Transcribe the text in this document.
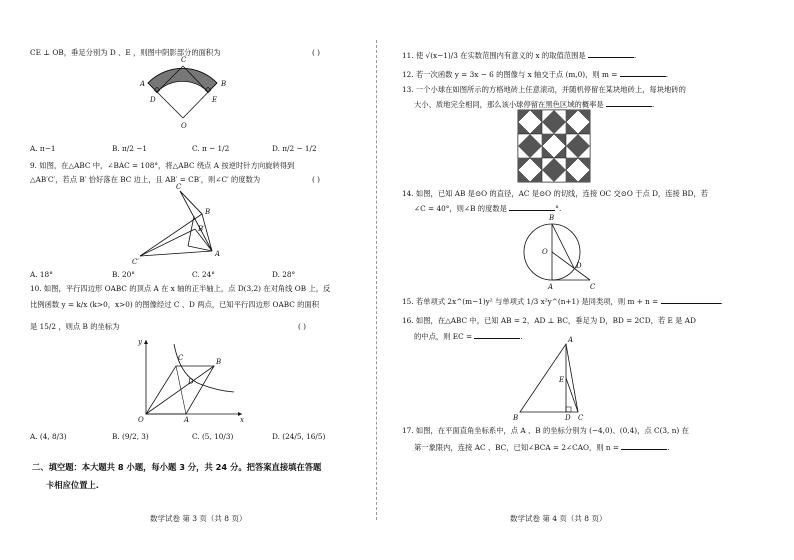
CE ⊥ OB，垂足分别为 D 、E ，则图中阴影部分的面积为	( )
C
A	B
D	E
O
A. π−1	B. π/2 −1	C. π − 1/2	D. π/2 − 1/2
9. 如图，在△ABC 中，∠BAC = 108°，将△ABC 绕点 A 按逆时针方向旋转得到
△AB′C′，若点 B′ 恰好落在 BC 边上，且 AB′ = CB′，则∠C′ 的度数为	( )
C
B
B′
A
C′
A. 18°	B. 20°	C. 24°	D. 28°
10. 如图，平行四边形 OABC 的顶点 A 在 x 轴的正半轴上，点 D(3,2) 在对角线 OB 上，反
比例函数 y = k/x (k>0，x>0) 的图像经过 C 、D 两点，已知平行四边形 OABC 的面积
是 15/2 ，则点 B 的坐标为	( )
y
C	B
D
O	A	x
A. (4, 8/3)	B. (9/2, 3)	C. (5, 10/3)	D. (24/5, 16/5)
二、填空题：本大题共 8 小题，每小题 3 分，共 24 分。把答案直接填在答题
卡相应位置上.
数学试卷 第 3 页（共 8 页）
11. 使 √(x−1)/3 在实数范围内有意义的 x 的取值范围是	.
12. 若一次函数 y = 3x − 6 的图像与 x 轴交于点 (m,0)，则 m =	.
13. 一个小球在如图所示的方格地砖上任意滚动，并随机停留在某块地砖上，每块地砖的
大小、质地完全相同，那么该小球停留在黑色区域的概率是	.
14. 如图，已知 AB 是⊙O 的直径，AC 是⊙O 的切线，连接 OC 交⊙O 于点 D，连接 BD，若
∠C = 40°，则∠B 的度数是	°.
B
O
D
A	C
15. 若单项式 2x^(m−1)y² 与单项式 1/3 x²y^(n+1) 是同类项，则 m + n =	.
16. 如图，在△ABC 中，已知 AB = 2，AD ⊥ BC，垂足为 D，BD = 2CD，若 E 是 AD
的中点，则 EC =	.	A
E
B	D C
17. 如图，在平面直角坐标系中，点 A 、B 的坐标分别为 (−4,0)、(0,4)，点 C(3, n) 在
第一象限内，连接 AC 、BC，已知∠BCA = 2∠CAO，则 n =	.
数学试卷 第 4 页（共 8 页）
